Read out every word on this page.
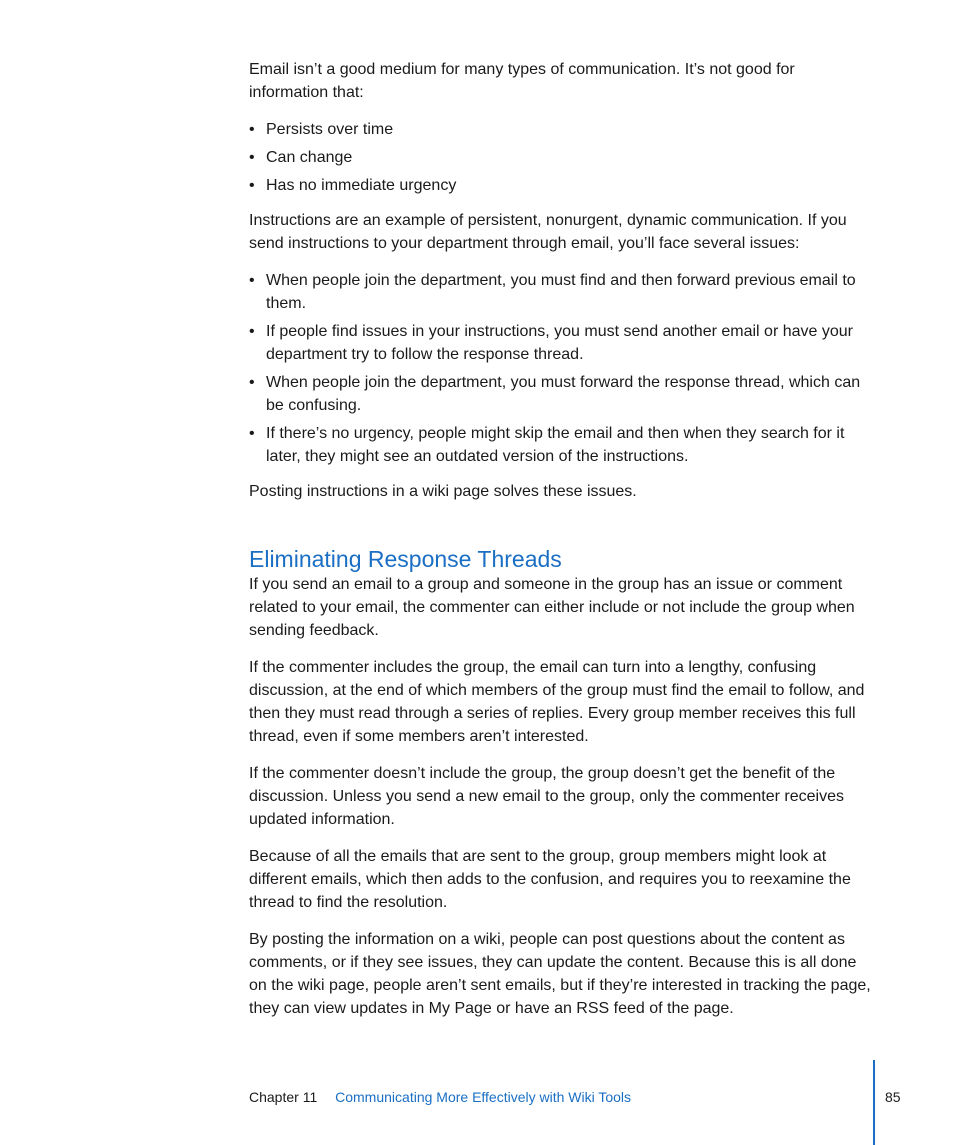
Email isn’t a good medium for many types of communication. It’s not good for information that:

• Persists over time
• Can change
• Has no immediate urgency

Instructions are an example of persistent, nonurgent, dynamic communication. If you send instructions to your department through email, you’ll face several issues:

• When people join the department, you must find and then forward previous email to them.
• If people find issues in your instructions, you must send another email or have your department try to follow the response thread.
• When people join the department, you must forward the response thread, which can be confusing.
• If there’s no urgency, people might skip the email and then when they search for it later, they might see an outdated version of the instructions.

Posting instructions in a wiki page solves these issues.

Eliminating Response Threads

If you send an email to a group and someone in the group has an issue or comment related to your email, the commenter can either include or not include the group when sending feedback.

If the commenter includes the group, the email can turn into a lengthy, confusing discussion, at the end of which members of the group must find the email to follow, and then they must read through a series of replies. Every group member receives this full thread, even if some members aren’t interested.

If the commenter doesn’t include the group, the group doesn’t get the benefit of the discussion. Unless you send a new email to the group, only the commenter receives updated information.

Because of all the emails that are sent to the group, group members might look at different emails, which then adds to the confusion, and requires you to reexamine the thread to find the resolution.

By posting the information on a wiki, people can post questions about the content as comments, or if they see issues, they can update the content. Because this is all done on the wiki page, people aren’t sent emails, but if they’re interested in tracking the page, they can view updates in My Page or have an RSS feed of the page.

Chapter 11 Communicating More Effectively with Wiki Tools	85
